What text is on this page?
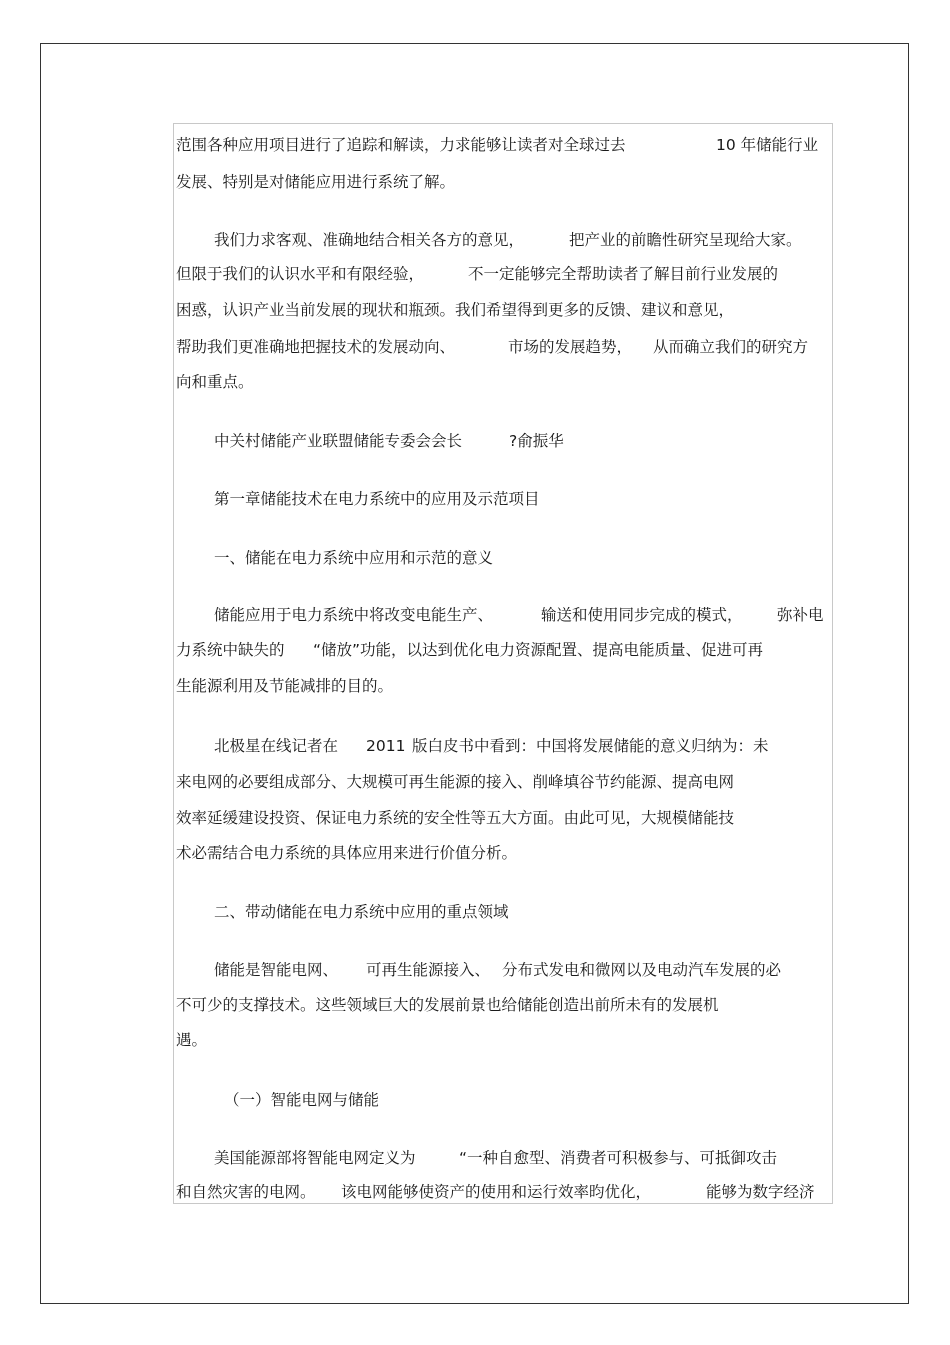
范围各种应用项目进行了追踪和解读，力求能够让读者对全球过去	10 年储能行业
发展、特别是对储能应用进行系统了解。
我们力求客观、准确地结合相关各方的意见，	把产业的前瞻性研究呈现给大家。
但限于我们的认识水平和有限经验，	不一定能够完全帮助读者了解目前行业发展的
困惑，认识产业当前发展的现状和瓶颈。我们希望得到更多的反馈、建议和意见，
帮助我们更准确地把握技术的发展动向、	市场的发展趋势， 从而确立我们的研究方
向和重点。
中关村储能产业联盟储能专委会会长	?俞振华
第一章储能技术在电力系统中的应用及示范项目
一、储能在电力系统中应用和示范的意义
储能应用于电力系统中将改变电能生产、	输送和使用同步完成的模式， 弥补电
力系统中缺失的 “储放”功能，以达到优化电力资源配置、提高电能质量、促进可再
生能源利用及节能减排的目的。
北极星在线记者在 2011 版白皮书中看到：中国将发展储能的意义归纳为：未
来电网的必要组成部分、大规模可再生能源的接入、削峰填谷节约能源、提高电网
效率延缓建设投资、保证电力系统的安全性等五大方面。由此可见，大规模储能技
术必需结合电力系统的具体应用来进行价值分析。
二、带动储能在电力系统中应用的重点领域
储能是智能电网、 可再生能源接入、 分布式发电和微网以及电动汽车发展的必
不可少的支撑技术。这些领域巨大的发展前景也给储能创造出前所未有的发展机
遇。
（一）智能电网与储能
美国能源部将智能电网定义为	“一种自愈型、消费者可积极参与、可抵御攻击
和自然灾害的电网。 该电网能够使资产的使用和运行效率昀优化，	能够为数字经济
